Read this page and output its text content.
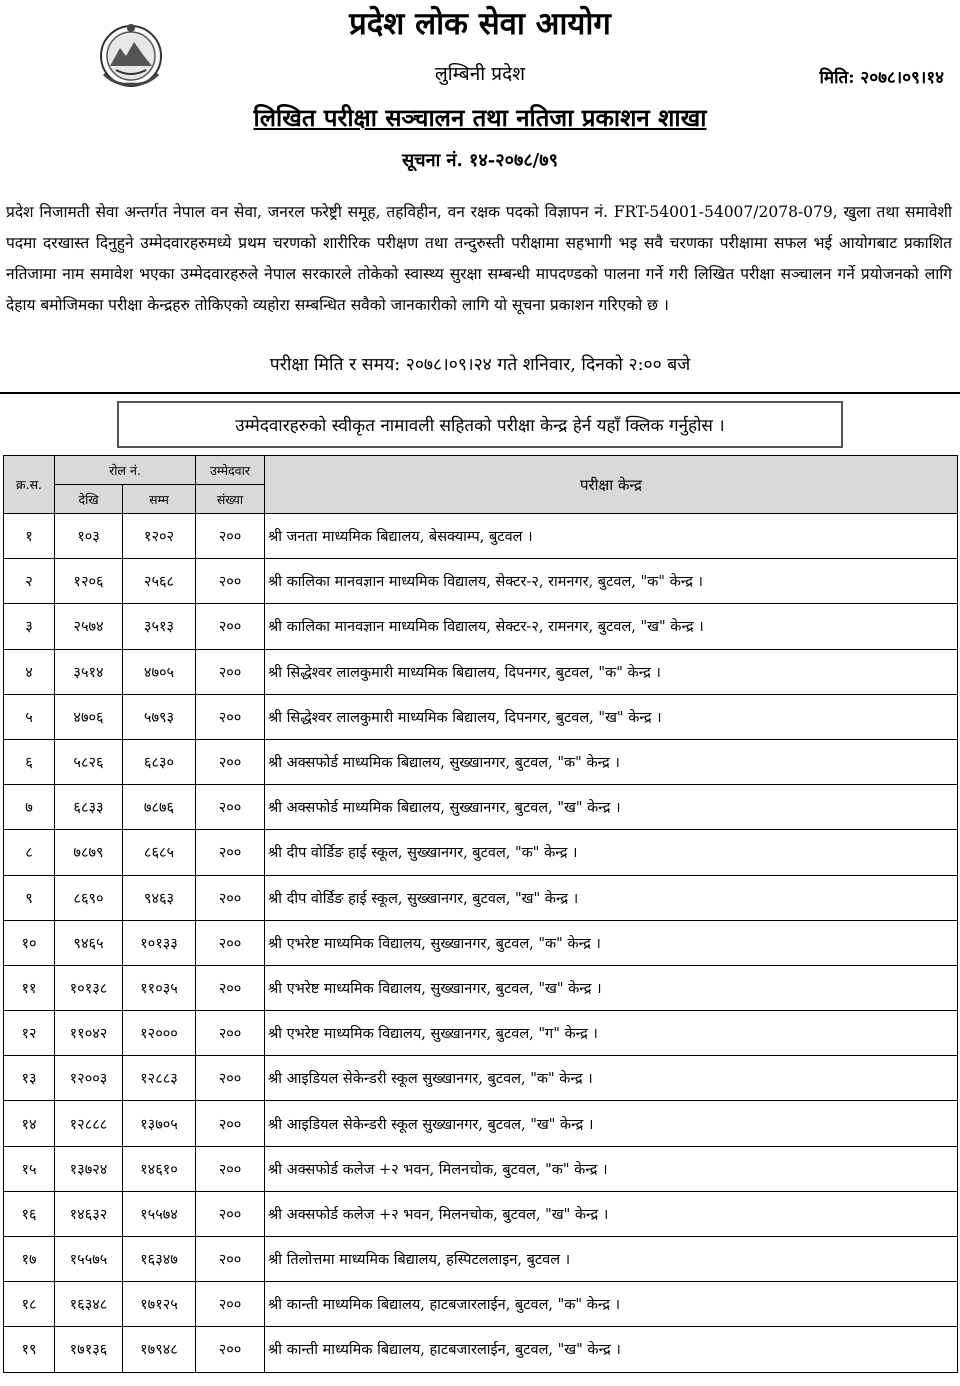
प्रदेश लोक सेवा आयोग
लुम्बिनी प्रदेश	मिति: २०७८।०९।१४
लिखित परीक्षा सञ्चालन तथा नतिजा प्रकाशन शाखा
सूचना नं. १४-२०७८/७९
प्रदेश निजामती सेवा अन्तर्गत नेपाल वन सेवा, जनरल फरेष्ट्री समूह, तहविहीन, वन रक्षक पदको विज्ञापन नं. FRT-54001-54007/2078-079, खुला तथा समावेशी पदमा दरखास्त दिनुहुने उम्मेदवारहरुमध्ये प्रथम चरणको शारीरिक परीक्षण तथा तन्दुरुस्ती परीक्षामा सहभागी भइ सवै चरणका परीक्षामा सफल भई आयोगबाट प्रकाशित नतिजामा नाम समावेश भएका उम्मेदवारहरुले नेपाल सरकारले तोकेको स्वास्थ्य सुरक्षा सम्बन्धी मापदण्डको पालना गर्ने गरी लिखित परीक्षा सञ्चालन गर्ने प्रयोजनको लागि देहाय बमोजिमका परीक्षा केन्द्रहरु तोकिएको व्यहोरा सम्बन्धित सवैको जानकारीको लागि यो सूचना प्रकाशन गरिएको छ ।
परीक्षा मिति र समय: २०७८।०९।२४ गते शनिवार, दिनको २:०० बजे
उम्मेदवारहरुको स्वीकृत नामावली सहितको परीक्षा केन्द्र हेर्न यहाँ क्लिक गर्नुहोस ।
क्र.स.	रोल नं.		उम्मेदवार	परीक्षा केन्द्र
	देखि	सम्म	संख्या	
१	१०३	१२०२	२००	श्री जनता माध्यमिक बिद्यालय, बेसक्याम्प, बुटवल ।
२	१२०६	२५६८	२००	श्री कालिका मानवज्ञान माध्यमिक विद्यालय, सेक्टर-२, रामनगर, बुटवल, "क" केन्द्र ।
३	२५७४	३५१३	२००	श्री कालिका मानवज्ञान माध्यमिक विद्यालय, सेक्टर-२, रामनगर, बुटवल, "ख" केन्द्र ।
४	३५१४	४७०५	२००	श्री सिद्धेश्वर लालकुमारी माध्यमिक बिद्यालय, दिपनगर, बुटवल, "क" केन्द्र ।
५	४७०६	५७९३	२००	श्री सिद्धेश्वर लालकुमारी माध्यमिक बिद्यालय, दिपनगर, बुटवल, "ख" केन्द्र ।
६	५८२६	६८३०	२००	श्री अक्सफोर्ड माध्यमिक बिद्यालय, सुख्खानगर, बुटवल, "क" केन्द्र ।
७	६८३३	७८७६	२००	श्री अक्सफोर्ड माध्यमिक बिद्यालय, सुख्खानगर, बुटवल, "ख" केन्द्र ।
८	७८७९	८६८५	२००	श्री दीप वोर्डिङ हाई स्कूल, सुख्खानगर, बुटवल, "क" केन्द्र ।
९	८६९०	९४६३	२००	श्री दीप वोर्डिङ हाई स्कूल, सुख्खानगर, बुटवल, "ख" केन्द्र ।
१०	९४६५	१०१३३	२००	श्री एभरेष्ट माध्यमिक विद्यालय, सुख्खानगर, बुटवल, "क" केन्द्र ।
११	१०१३८	११०३५	२००	श्री एभरेष्ट माध्यमिक विद्यालय, सुख्खानगर, बुटवल, "ख" केन्द्र ।
१२	११०४२	१२०००	२००	श्री एभरेष्ट माध्यमिक विद्यालय, सुख्खानगर, बुटवल, "ग" केन्द्र ।
१३	१२००३	१२८८३	२००	श्री आइडियल सेकेन्डरी स्कूल सुख्खानगर, बुटवल, "क" केन्द्र ।
१४	१२८८८	१३७०५	२००	श्री आइडियल सेकेन्डरी स्कूल सुख्खानगर, बुटवल, "ख" केन्द्र ।
१५	१३७२४	१४६१०	२००	श्री अक्सफोर्ड कलेज +२ भवन, मिलनचोक, बुटवल, "क" केन्द्र ।
१६	१४६३२	१५५७४	२००	श्री अक्सफोर्ड कलेज +२ भवन, मिलनचोक, बुटवल, "ख" केन्द्र ।
१७	१५५७५	१६३४७	२००	श्री तिलोत्तमा माध्यमिक बिद्यालय, हस्पिटललाइन, बुटवल ।
१८	१६३४८	१७१२५	२००	श्री कान्ती माध्यमिक बिद्यालय, हाटबजारलाईन, बुटवल, "क" केन्द्र ।
१९	१७१३६	१७९४८	२००	श्री कान्ती माध्यमिक बिद्यालय, हाटबजारलाईन, बुटवल, "ख" केन्द्र ।
